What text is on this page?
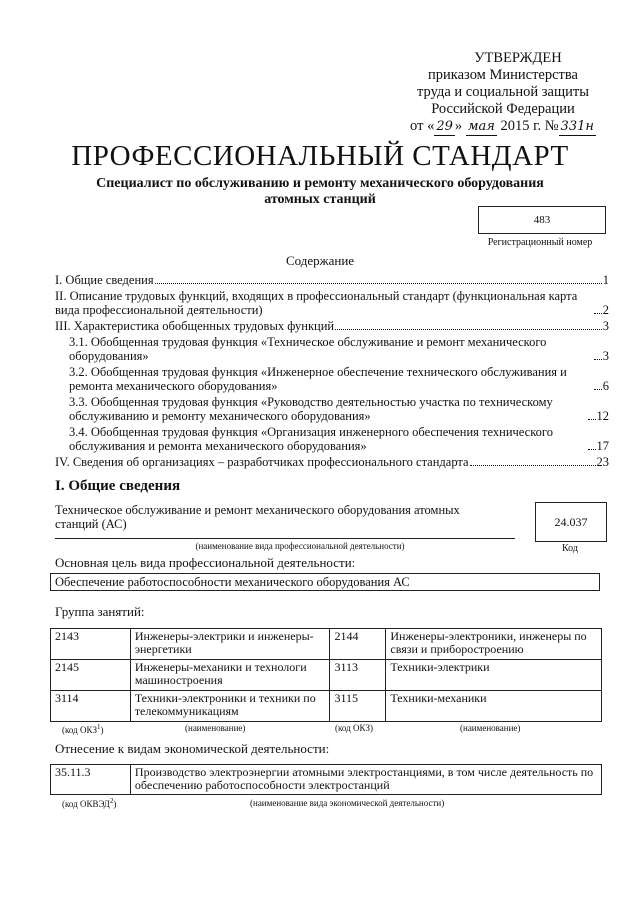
УТВЕРЖДЕН
приказом Министерства
труда и социальной защиты
Российской Федерации
от « 29 » мая 2015 г. № 331н
ПРОФЕССИОНАЛЬНЫЙ СТАНДАРТ
Специалист по обслуживанию и ремонту механического оборудования
атомных станций
483
Регистрационный номер
Содержание
I. Общие сведения	1
II. Описание трудовых функций, входящих в профессиональный стандарт (функциональная карта вида профессиональной деятельности)	2
III. Характеристика обобщенных трудовых функций	3
3.1. Обобщенная трудовая функция «Техническое обслуживание и ремонт механического оборудования»	3
3.2. Обобщенная трудовая функция «Инженерное обеспечение технического обслуживания и ремонта механического оборудования»	6
3.3. Обобщенная трудовая функция «Руководство деятельностью участка по техническому обслуживанию и ремонту механического оборудования»	12
3.4. Обобщенная трудовая функция «Организация инженерного обеспечения технического обслуживания и ремонта механического оборудования»	17
IV. Сведения об организациях – разработчиках профессионального стандарта	23
I. Общие сведения
Техническое обслуживание и ремонт механического оборудования атомных
станций (АС)	24.037
(наименование вида профессиональной деятельности)	Код
Основная цель вида профессиональной деятельности:
Обеспечение работоспособности механического оборудования АС
Группа занятий:
2143	Инженеры-электрики и инженеры-энергетики	2144	Инженеры-электроники, инженеры по связи и приборостроению
2145	Инженеры-механики и технологи машиностроения	3113	Техники-электрики
3114	Техники-электроники и техники по телекоммуникациям	3115	Техники-механики
(код ОКЗ$^1$)	(наименование)	(код ОКЗ)	(наименование)
Отнесение к видам экономической деятельности:
35.11.3	Производство электроэнергии атомными электростанциями, в том числе деятельность по обеспечению работоспособности электростанций
(код ОКВЭД$^2$)	(наименование вида экономической деятельности)
